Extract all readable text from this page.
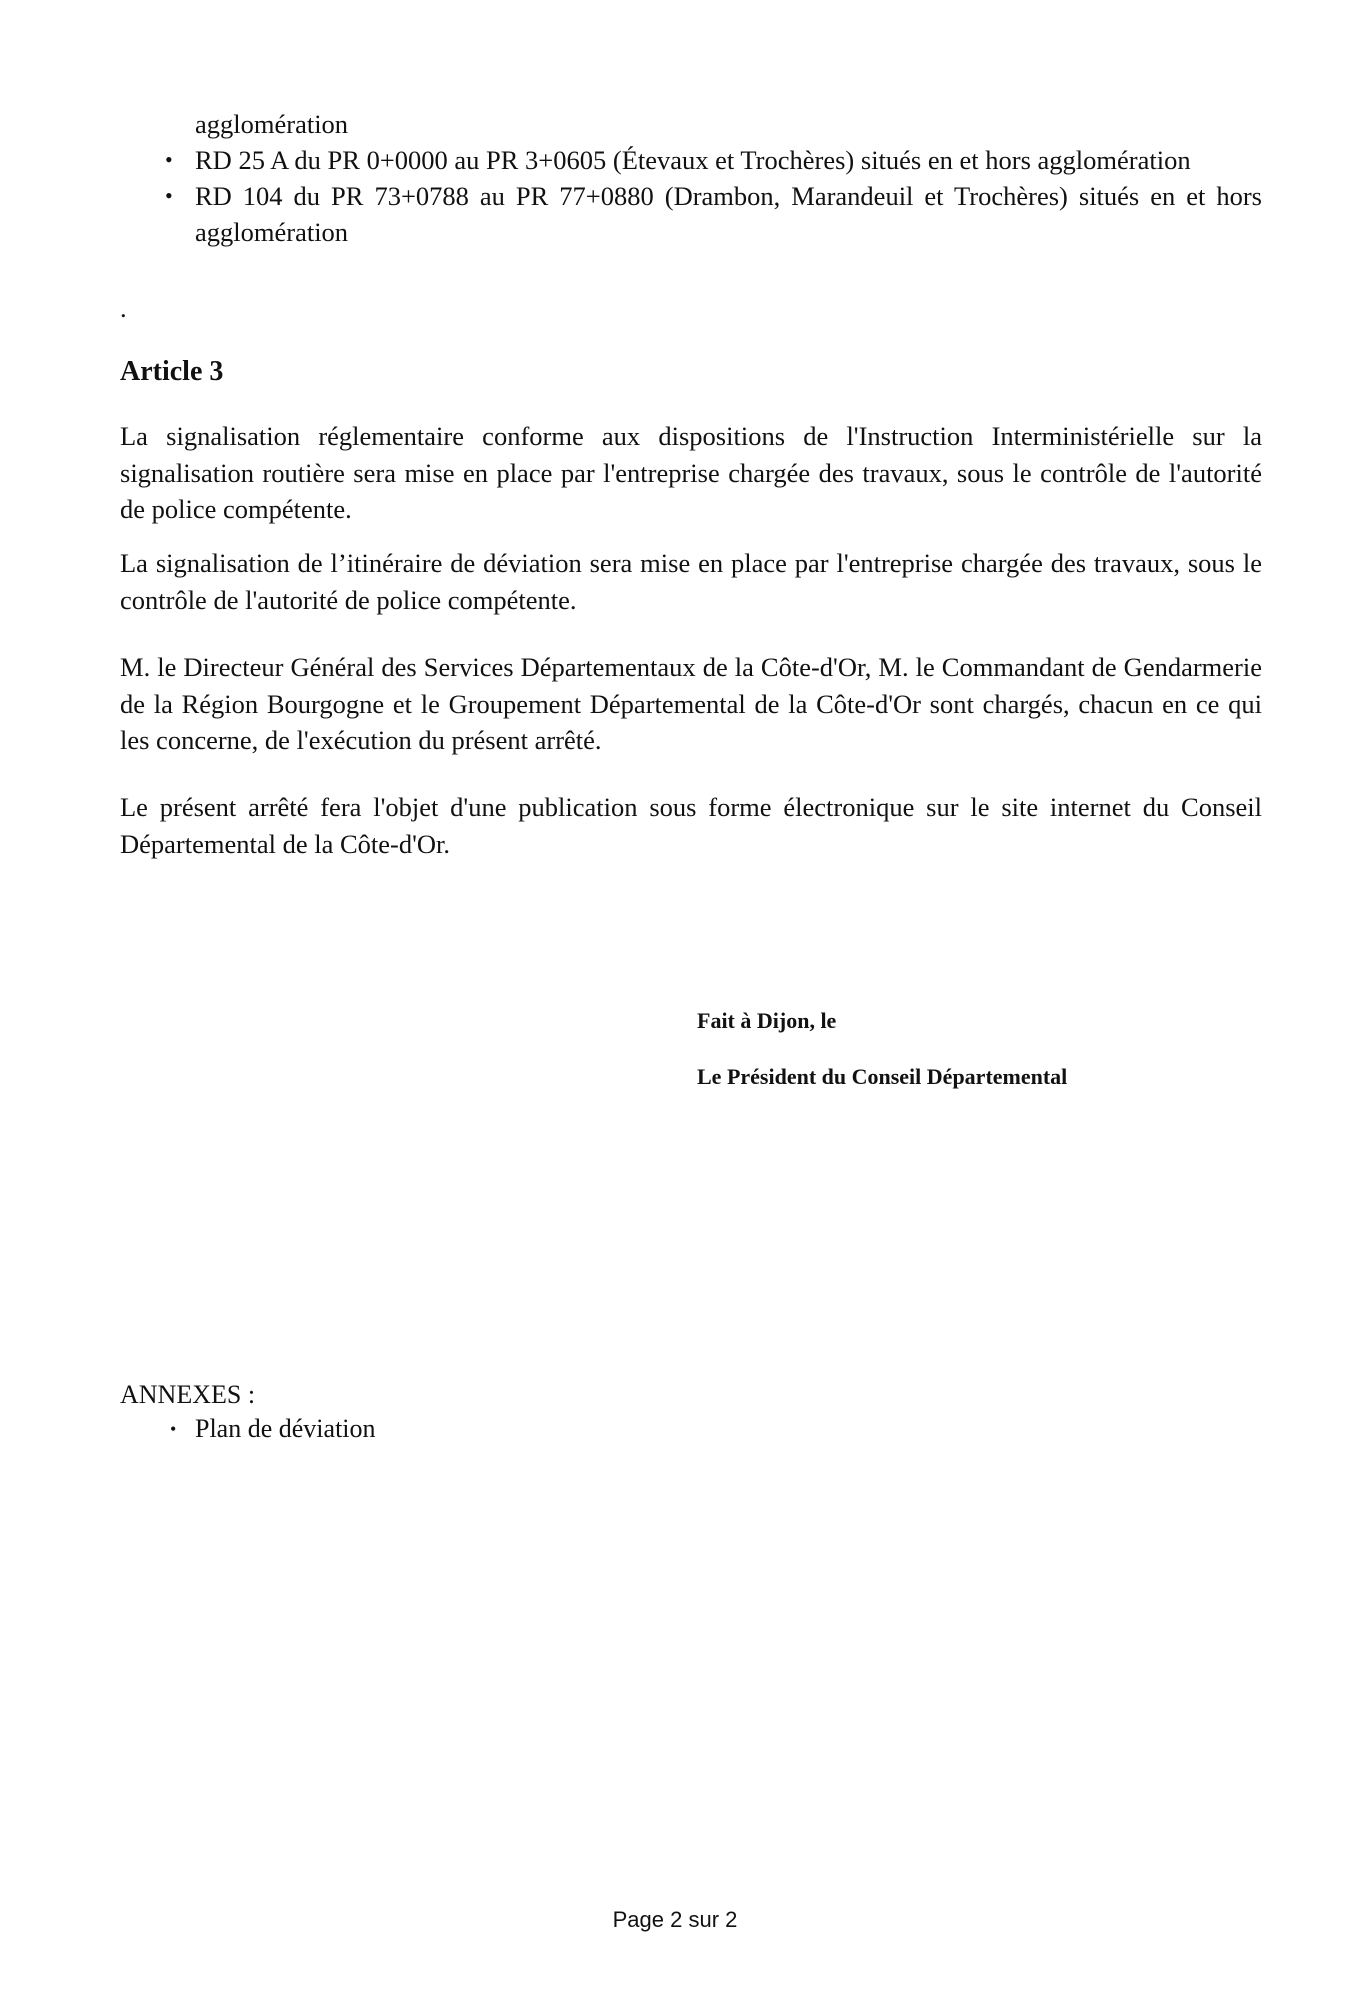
agglomération
• RD 25 A du PR 0+0000 au PR 3+0605 (Étevaux et Trochères) situés en et hors agglomération
• RD 104 du PR 73+0788 au PR 77+0880 (Drambon, Marandeuil et Trochères) situés en et hors agglomération
.
Article 3

La signalisation réglementaire conforme aux dispositions de l'Instruction Interministérielle sur la signalisation routière sera mise en place par l'entreprise chargée des travaux, sous le contrôle de l'autorité de police compétente.

La signalisation de l’itinéraire de déviation sera mise en place par l'entreprise chargée des travaux, sous le contrôle de l'autorité de police compétente.

M. le Directeur Général des Services Départementaux de la Côte-d'Or, M. le Commandant de Gendarmerie de la Région Bourgogne et le Groupement Départemental de la Côte-d'Or sont chargés, chacun en ce qui les concerne, de l'exécution du présent arrêté.

Le présent arrêté fera l'objet d'une publication sous forme électronique sur le site internet du Conseil Départemental de la Côte-d'Or.

Fait à Dijon, le
Le Président du Conseil Départemental
ANNEXES :
• Plan de déviation
Page 2 sur 2
